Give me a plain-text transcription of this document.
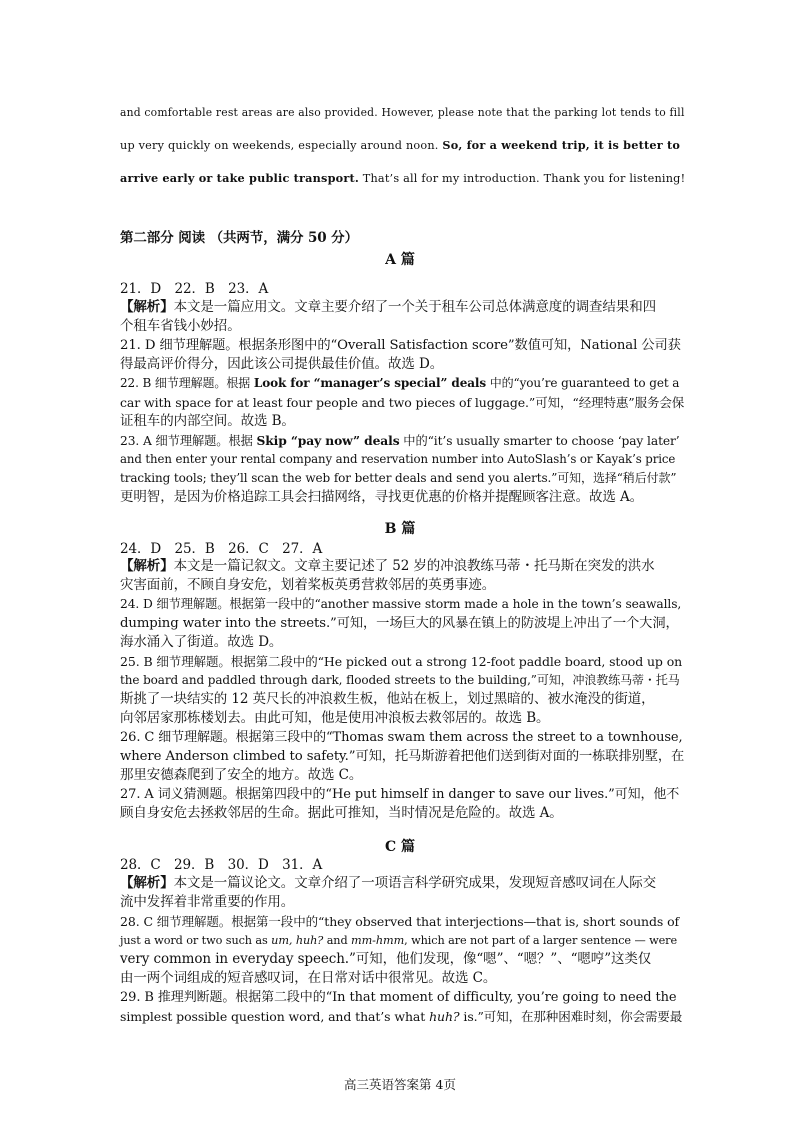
and comfortable rest areas are also provided. However, please note that the parking lot tends to fill
up very quickly on weekends, especially around noon. So, for a weekend trip, it is better to
arrive early or take public transport. That’s all for my introduction. Thank you for listening!
第二部分 阅读 （共两节，满分 50 分）
A 篇
21．D　22．B　23．A
【解析】本文是一篇应用文。文章主要介绍了一个关于租车公司总体满意度的调查结果和四
个租车省钱小妙招。
21. D 细节理解题。根据条形图中的“Overall Satisfaction score”数值可知，National 公司获
得最高评价得分，因此该公司提供最佳价值。故选 D。
22. B 细节理解题。根据 Look for “manager’s special” deals 中的“you’re guaranteed to get a
car with space for at least four people and two pieces of luggage.”可知，“经理特惠”服务会保
证租车的内部空间。故选 B。
23. A 细节理解题。根据 Skip “pay now” deals 中的“it’s usually smarter to choose ‘pay later’
and then enter your rental company and reservation number into AutoSlash’s or Kayak’s price
tracking tools; they’ll scan the web for better deals and send you alerts.”可知，选择“稍后付款”
更明智，是因为价格追踪工具会扫描网络，寻找更优惠的价格并提醒顾客注意。故选 A。
B 篇
24．D　25．B　26．C　27．A
【解析】本文是一篇记叙文。文章主要记述了 52 岁的冲浪教练马蒂・托马斯在突发的洪水
灾害面前，不顾自身安危，划着桨板英勇营救邻居的英勇事迹。
24. D 细节理解题。根据第一段中的“another massive storm made a hole in the town’s seawalls,
dumping water into the streets.”可知，一场巨大的风暴在镇上的防波堤上冲出了一个大洞，
海水涌入了街道。故选 D。
25. B 细节理解题。根据第二段中的“He picked out a strong 12-foot paddle board, stood up on
the board and paddled through dark, flooded streets to the building,”可知，冲浪教练马蒂・托马
斯挑了一块结实的 12 英尺长的冲浪救生板，他站在板上，划过黑暗的、被水淹没的街道，
向邻居家那栋楼划去。由此可知，他是使用冲浪板去救邻居的。故选 B。
26. C 细节理解题。根据第三段中的“Thomas swam them across the street to a townhouse,
where Anderson climbed to safety.”可知，托马斯游着把他们送到街对面的一栋联排别墅，在
那里安德森爬到了安全的地方。故选 C。
27. A 词义猜测题。根据第四段中的“He put himself in danger to save our lives.”可知，他不
顾自身安危去拯救邻居的生命。据此可推知，当时情况是危险的。故选 A。
C 篇
28．C　29．B　30．D　31．A
【解析】本文是一篇议论文。文章介绍了一项语言科学研究成果，发现短音感叹词在人际交
流中发挥着非常重要的作用。
28. C 细节理解题。根据第一段中的“they observed that interjections—that is, short sounds of
just a word or two such as um, huh? and mm-hmm, which are not part of a larger sentence — were
very common in everyday speech.”可知，他们发现，像“嗯”、“嗯？”、“嗯哼”这类仅
由一两个词组成的短音感叹词，在日常对话中很常见。故选 C。
29. B 推理判断题。根据第二段中的“In that moment of difficulty, you’re going to need the
simplest possible question word, and that’s what huh? is.”可知，在那种困难时刻，你会需要最
高三英语答案第 4页
